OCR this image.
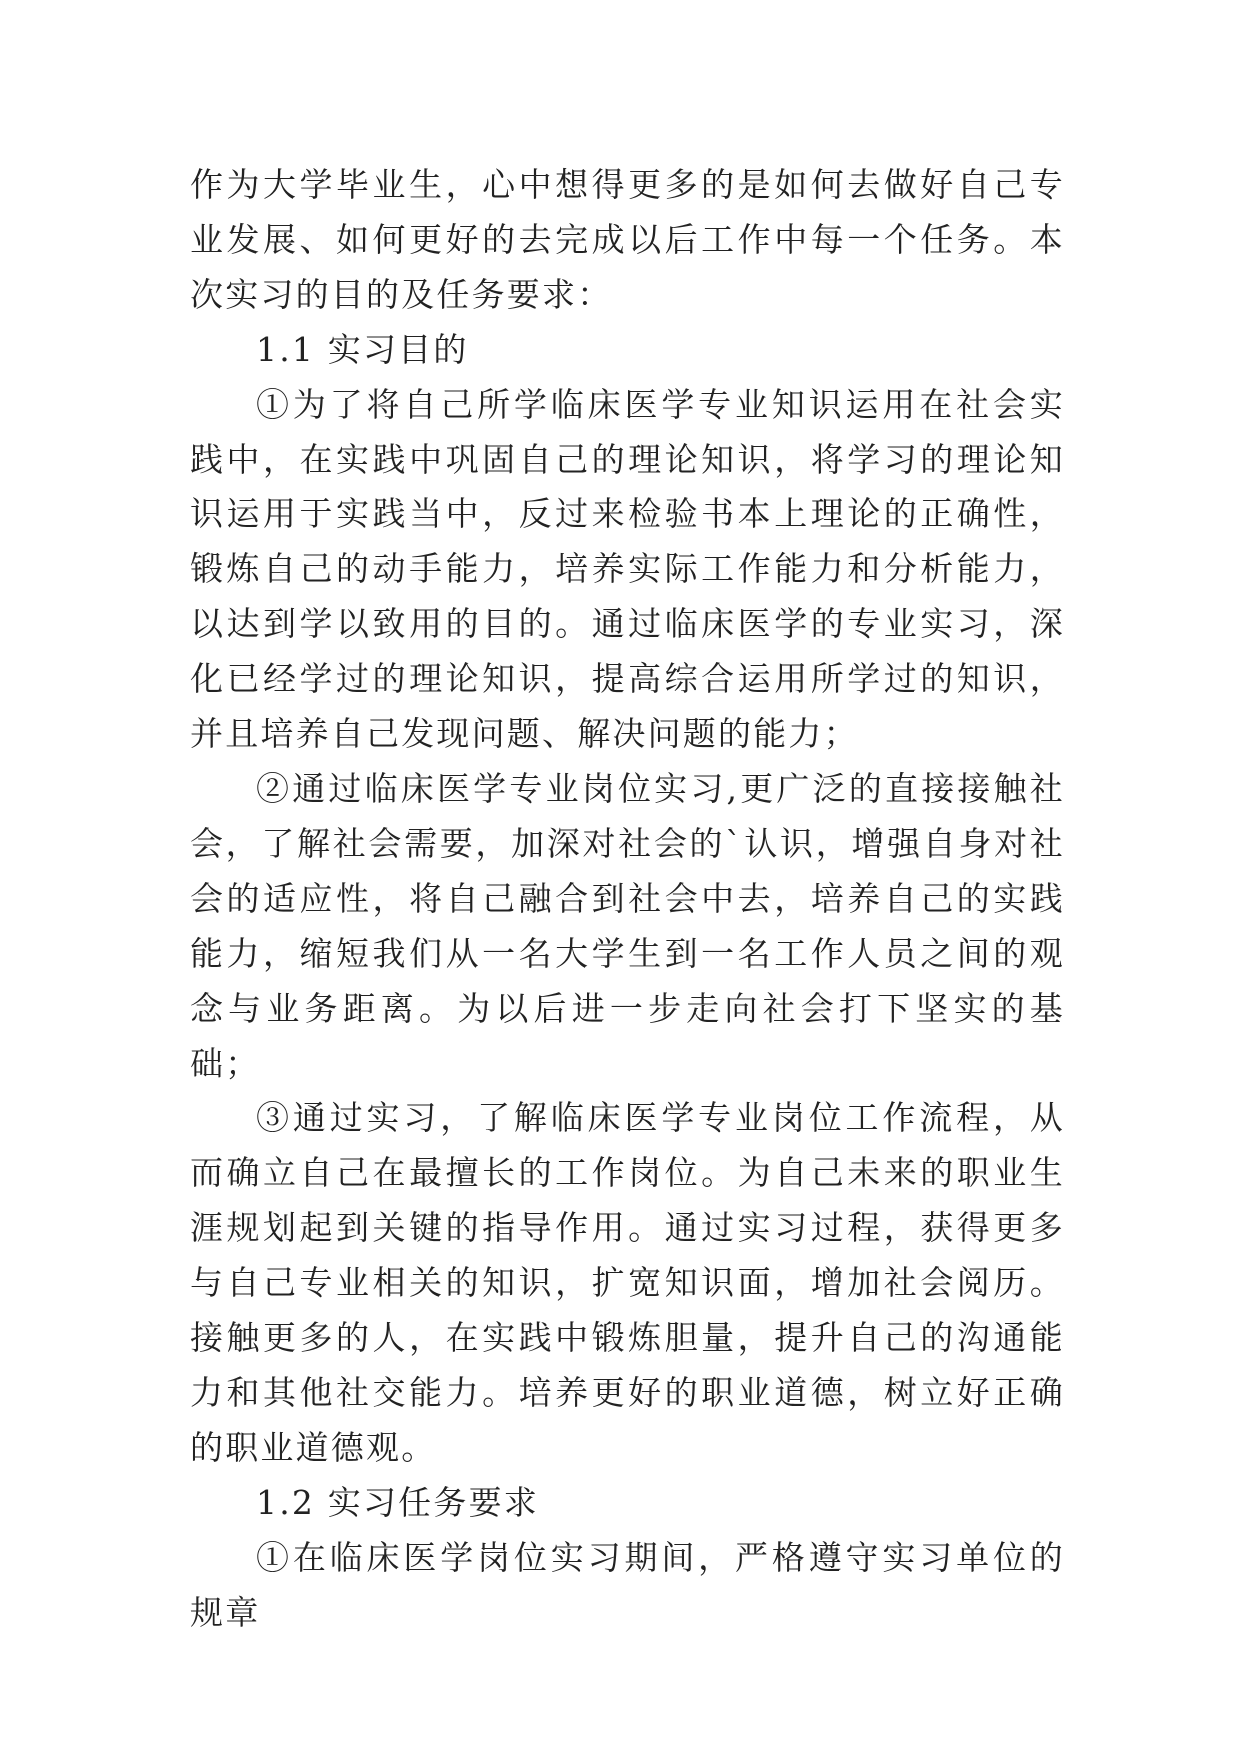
作为大学毕业生，心中想得更多的是如何去做好自己专业发展、如何更好的去完成以后工作中每一个任务。本次实习的目的及任务要求：

1.1 实习目的

①为了将自己所学临床医学专业知识运用在社会实践中，在实践中巩固自己的理论知识，将学习的理论知识运用于实践当中，反过来检验书本上理论的正确性，锻炼自己的动手能力，培养实际工作能力和分析能力，以达到学以致用的目的。通过临床医学的专业实习，深化已经学过的理论知识，提高综合运用所学过的知识，并且培养自己发现问题、解决问题的能力；

②通过临床医学专业岗位实习,更广泛的直接接触社会，了解社会需要，加深对社会的`认识，增强自身对社会的适应性，将自己融合到社会中去，培养自己的实践能力，缩短我们从一名大学生到一名工作人员之间的观念与业务距离。为以后进一步走向社会打下坚实的基础；

③通过实习，了解临床医学专业岗位工作流程，从而确立自己在最擅长的工作岗位。为自己未来的职业生涯规划起到关键的指导作用。通过实习过程，获得更多与自己专业相关的知识，扩宽知识面，增加社会阅历。接触更多的人，在实践中锻炼胆量，提升自己的沟通能力和其他社交能力。培养更好的职业道德，树立好正确的职业道德观。

1.2 实习任务要求

①在临床医学岗位实习期间，严格遵守实习单位的规章
